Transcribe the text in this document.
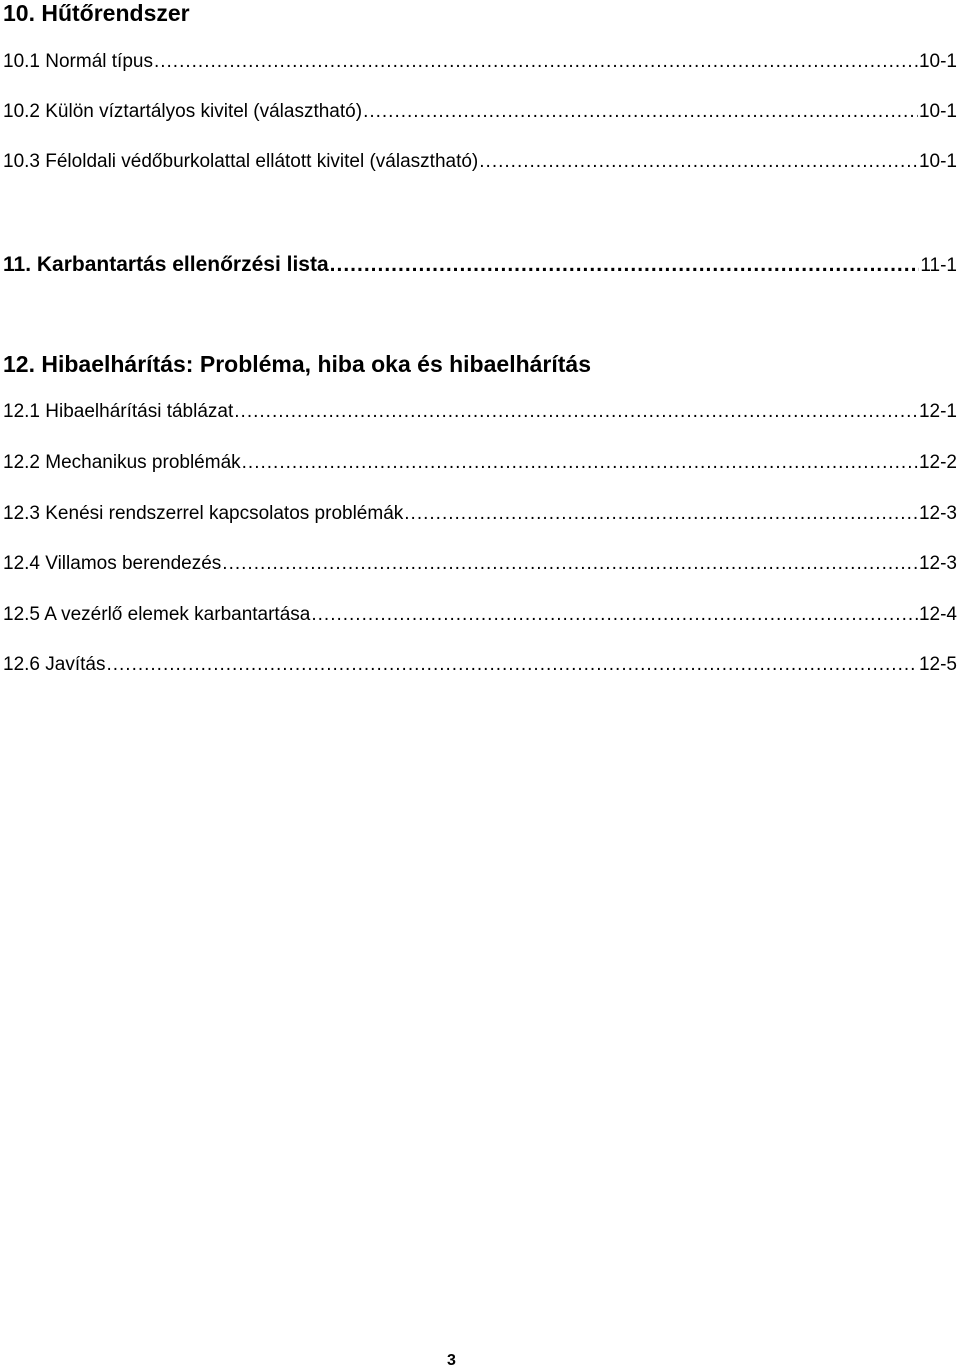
10. Hűtőrendszer
10.1 Normál típus .....	10-1
10.2 Külön víztartályos kivitel (választható) .....	10-1
10.3 Féloldali védőburkolattal ellátott kivitel (választható) .....	10-1
11. Karbantartás ellenőrzési lista .....	11-1
12. Hibaelhárítás: Probléma, hiba oka és hibaelhárítás
12.1 Hibaelhárítási táblázat .....	12-1
12.2 Mechanikus problémák .....	12-2
12.3 Kenési rendszerrel kapcsolatos problémák .....	12-3
12.4 Villamos berendezés .....	12-3
12.5 A vezérlő elemek karbantartása .....	12-4
12.6 Javítás .....	12-5
3
